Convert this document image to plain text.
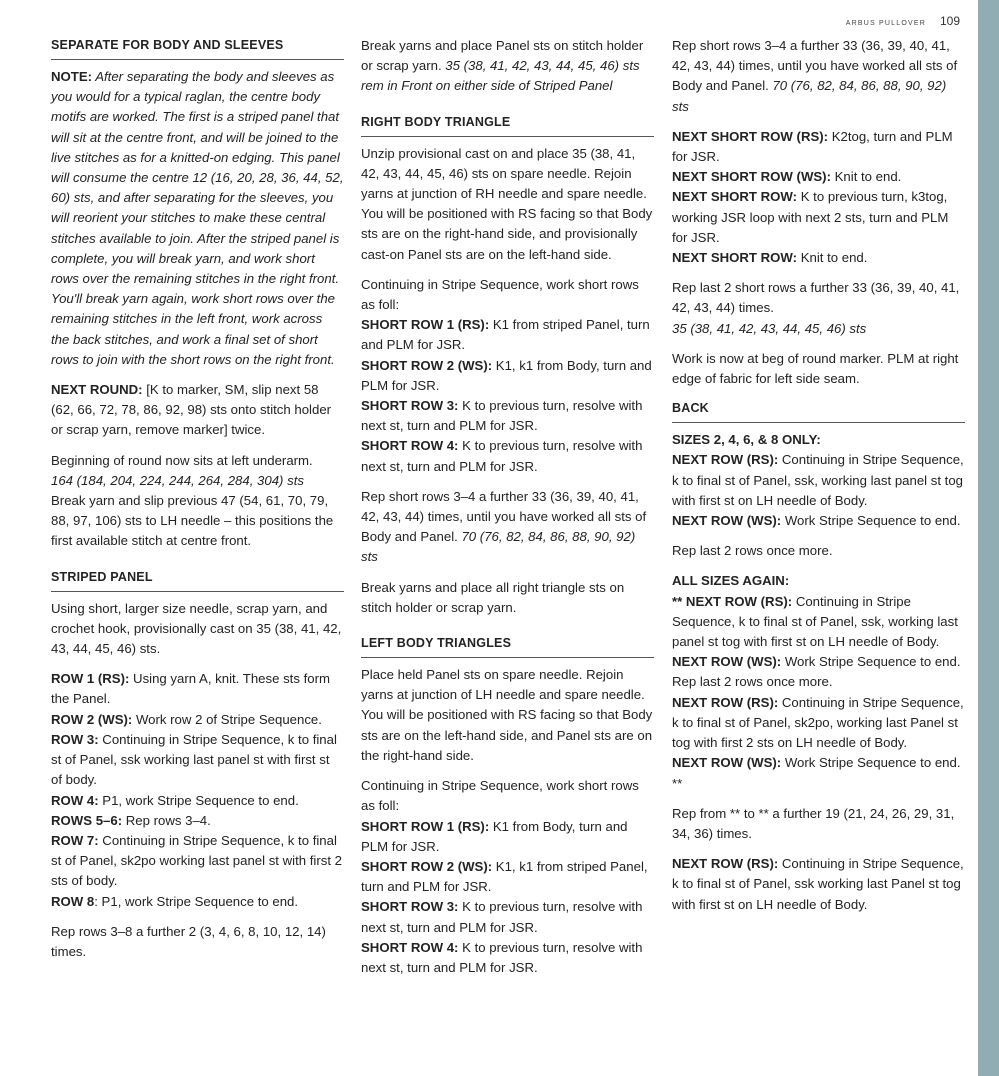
ARBUS PULLOVER 109
SEPARATE FOR BODY AND SLEEVES

NOTE: After separating the body and sleeves as you would for a typical raglan, the centre body motifs are worked. The first is a striped panel that will sit at the centre front, and will be joined to the live stitches as for a knitted-on edging. This panel will consume the centre 12 (16, 20, 28, 36, 44, 52, 60) sts, and after separating for the sleeves, you will reorient your stitches to make these central stitches available to join. After the striped panel is complete, you will break yarn, and work short rows over the remaining stitches in the right front. You'll break yarn again, work short rows over the remaining stitches in the left front, work across the back stitches, and work a final set of short rows to join with the short rows on the right front.

NEXT ROUND: [K to marker, SM, slip next 58 (62, 66, 72, 78, 86, 92, 98) sts onto stitch holder or scrap yarn, remove marker] twice.

Beginning of round now sits at left underarm.
164 (184, 204, 224, 244, 264, 284, 304) sts
Break yarn and slip previous 47 (54, 61, 70, 79, 88, 97, 106) sts to LH needle – this positions the first available stitch at centre front.

STRIPED PANEL

Using short, larger size needle, scrap yarn, and crochet hook, provisionally cast on 35 (38, 41, 42, 43, 44, 45, 46) sts.

ROW 1 (RS): Using yarn A, knit. These sts form the Panel.
ROW 2 (WS): Work row 2 of Stripe Sequence.
ROW 3: Continuing in Stripe Sequence, k to final st of Panel, ssk working last panel st with first st of body.
ROW 4: P1, work Stripe Sequence to end.
ROWS 5–6: Rep rows 3–4.
ROW 7: Continuing in Stripe Sequence, k to final st of Panel, sk2po working last panel st with first 2 sts of body.
ROW 8: P1, work Stripe Sequence to end.

Rep rows 3–8 a further 2 (3, 4, 6, 8, 10, 12, 14) times.

Break yarns and place Panel sts on stitch holder or scrap yarn. 35 (38, 41, 42, 43, 44, 45, 46) sts rem in Front on either side of Striped Panel

RIGHT BODY TRIANGLE

Unzip provisional cast on and place 35 (38, 41, 42, 43, 44, 45, 46) sts on spare needle. Rejoin yarns at junction of RH needle and spare needle. You will be positioned with RS facing so that Body sts are on the right-hand side, and provisionally cast-on Panel sts are on the left-hand side.

Continuing in Stripe Sequence, work short rows as foll:

SHORT ROW 1 (RS): K1 from striped Panel, turn and PLM for JSR.
SHORT ROW 2 (WS): K1, k1 from Body, turn and PLM for JSR.
SHORT ROW 3: K to previous turn, resolve with next st, turn and PLM for JSR.
SHORT ROW 4: K to previous turn, resolve with next st, turn and PLM for JSR.

Rep short rows 3–4 a further 33 (36, 39, 40, 41, 42, 43, 44) times, until you have worked all sts of Body and Panel. 70 (76, 82, 84, 86, 88, 90, 92) sts

Break yarns and place all right triangle sts on stitch holder or scrap yarn.

LEFT BODY TRIANGLES

Place held Panel sts on spare needle. Rejoin yarns at junction of LH needle and spare needle. You will be positioned with RS facing so that Body sts are on the left-hand side, and Panel sts are on the right-hand side.

Continuing in Stripe Sequence, work short rows as foll:

SHORT ROW 1 (RS): K1 from Body, turn and PLM for JSR.
SHORT ROW 2 (WS): K1, k1 from striped Panel, turn and PLM for JSR.
SHORT ROW 3: K to previous turn, resolve with next st, turn and PLM for JSR.
SHORT ROW 4: K to previous turn, resolve with next st, turn and PLM for JSR.

Rep short rows 3–4 a further 33 (36, 39, 40, 41, 42, 43, 44) times, until you have worked all sts of Body and Panel. 70 (76, 82, 84, 86, 88, 90, 92) sts

NEXT SHORT ROW (RS): K2tog, turn and PLM for JSR.
NEXT SHORT ROW (WS): Knit to end.
NEXT SHORT ROW: K to previous turn, k3tog, working JSR loop with next 2 sts, turn and PLM for JSR.
NEXT SHORT ROW: Knit to end.

Rep last 2 short rows a further 33 (36, 39, 40, 41, 42, 43, 44) times.
35 (38, 41, 42, 43, 44, 45, 46) sts

Work is now at beg of round marker. PLM at right edge of fabric for left side seam.

BACK

SIZES 2, 4, 6, & 8 ONLY:
NEXT ROW (RS): Continuing in Stripe Sequence, k to final st of Panel, ssk, working last panel st tog with first st on LH needle of Body.
NEXT ROW (WS): Work Stripe Sequence to end.

Rep last 2 rows once more.

ALL SIZES AGAIN:
** NEXT ROW (RS): Continuing in Stripe Sequence, k to final st of Panel, ssk, working last panel st tog with first st on LH needle of Body.
NEXT ROW (WS): Work Stripe Sequence to end.
Rep last 2 rows once more.
NEXT ROW (RS): Continuing in Stripe Sequence, k to final st of Panel, sk2po, working last Panel st tog with first 2 sts on LH needle of Body.
NEXT ROW (WS): Work Stripe Sequence to end. **

Rep from ** to ** a further 19 (21, 24, 26, 29, 31, 34, 36) times.

NEXT ROW (RS): Continuing in Stripe Sequence, k to final st of Panel, ssk working last Panel st tog with first st on LH needle of Body.
